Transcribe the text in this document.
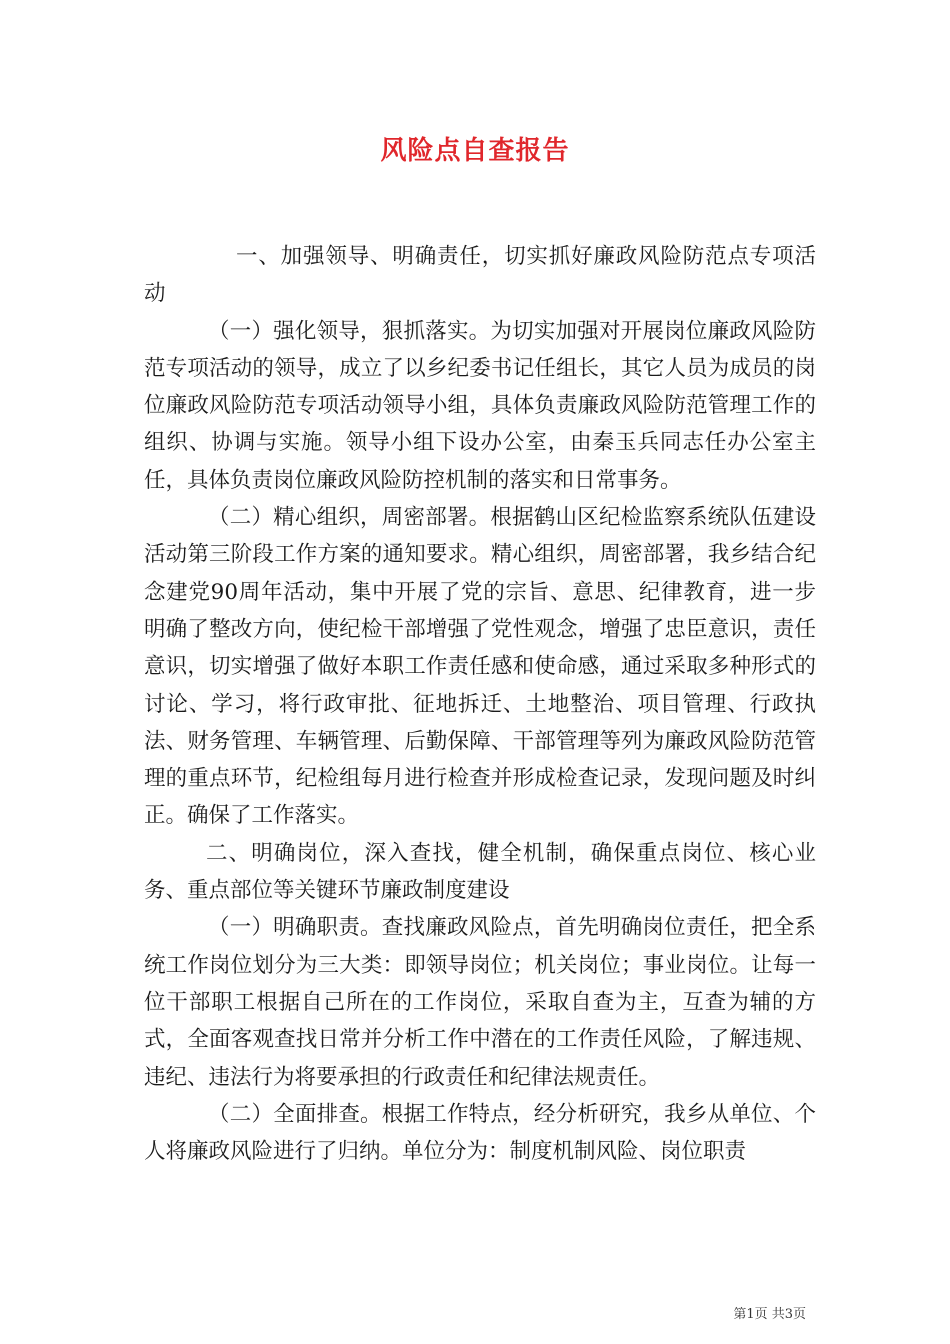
风险点自查报告

一、加强领导、明确责任，切实抓好廉政风险防范点专项活动

（一）强化领导，狠抓落实。为切实加强对开展岗位廉政风险防范专项活动的领导，成立了以乡纪委书记任组长，其它人员为成员的岗位廉政风险防范专项活动领导小组，具体负责廉政风险防范管理工作的组织、协调与实施。领导小组下设办公室，由秦玉兵同志任办公室主任，具体负责岗位廉政风险防控机制的落实和日常事务。

（二）精心组织，周密部署。根据鹤山区纪检监察系统队伍建设活动第三阶段工作方案的通知要求。精心组织，周密部署，我乡结合纪念建党90周年活动，集中开展了党的宗旨、意思、纪律教育，进一步明确了整改方向，使纪检干部增强了党性观念，增强了忠臣意识，责任意识，切实增强了做好本职工作责任感和使命感，通过采取多种形式的讨论、学习，将行政审批、征地拆迁、土地整治、项目管理、行政执法、财务管理、车辆管理、后勤保障、干部管理等列为廉政风险防范管理的重点环节，纪检组每月进行检查并形成检查记录，发现问题及时纠正。确保了工作落实。

二、明确岗位，深入查找，健全机制，确保重点岗位、核心业务、重点部位等关键环节廉政制度建设

（一）明确职责。查找廉政风险点，首先明确岗位责任，把全系统工作岗位划分为三大类：即领导岗位；机关岗位；事业岗位。让每一位干部职工根据自己所在的工作岗位，采取自查为主，互查为辅的方式，全面客观查找日常并分析工作中潜在的工作责任风险，了解违规、违纪、违法行为将要承担的行政责任和纪律法规责任。

（二）全面排查。根据工作特点，经分析研究，我乡从单位、个人将廉政风险进行了归纳。单位分为：制度机制风险、岗位职责

第1页 共3页
